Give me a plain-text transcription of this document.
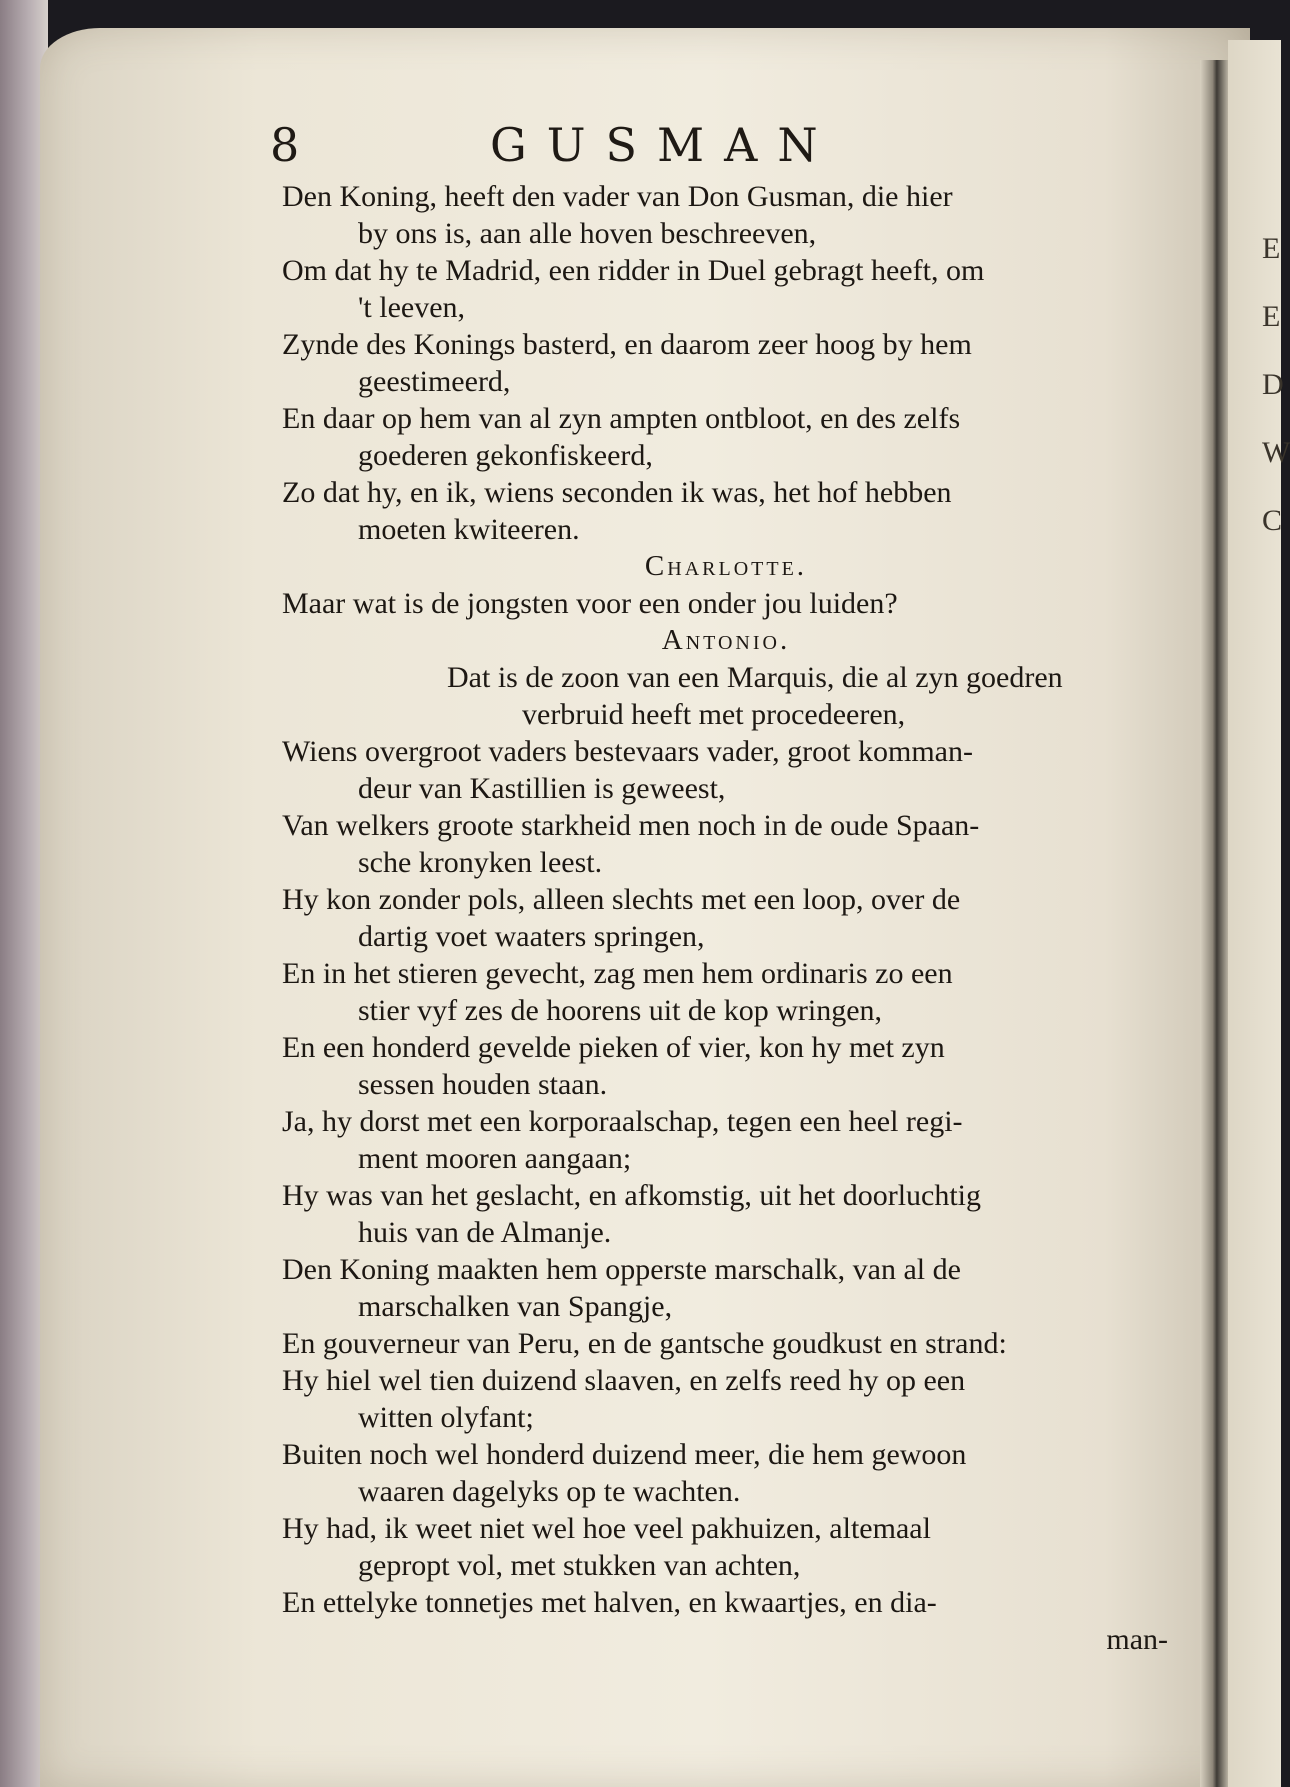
E
E
D
W
C
8	GUSMAN
Den Koning, heeft den vader van Don Gusman, die hier
by ons is, aan alle hoven beschreeven,
Om dat hy te Madrid, een ridder in Duel gebragt heeft, om
't leeven,
Zynde des Konings basterd, en daarom zeer hoog by hem
geestimeerd,
En daar op hem van al zyn ampten ontbloot, en des zelfs
goederen gekonfiskeerd,
Zo dat hy, en ik, wiens seconden ik was, het hof hebben
moeten kwiteeren.
Charlotte.
Maar wat is de jongsten voor een onder jou luiden?
Antonio.
Dat is de zoon van een Marquis, die al zyn goedren
verbruid heeft met procedeeren,
Wiens overgroot vaders bestevaars vader, groot komman-
deur van Kastillien is geweest,
Van welkers groote starkheid men noch in de oude Spaan-
sche kronyken leest.
Hy kon zonder pols, alleen slechts met een loop, over de
dartig voet waaters springen,
En in het stieren gevecht, zag men hem ordinaris zo een
stier vyf zes de hoorens uit de kop wringen,
En een honderd gevelde pieken of vier, kon hy met zyn
sessen houden staan.
Ja, hy dorst met een korporaalschap, tegen een heel regi-
ment mooren aangaan;
Hy was van het geslacht, en afkomstig, uit het doorluchtig
huis van de Almanje.
Den Koning maakten hem opperste marschalk, van al de
marschalken van Spangje,
En gouverneur van Peru, en de gantsche goudkust en strand:
Hy hiel wel tien duizend slaaven, en zelfs reed hy op een
witten olyfant;
Buiten noch wel honderd duizend meer, die hem gewoon
waaren dagelyks op te wachten.
Hy had, ik weet niet wel hoe veel pakhuizen, altemaal
gepropt vol, met stukken van achten,
En ettelyke tonnetjes met halven, en kwaartjes, en dia-
man-
